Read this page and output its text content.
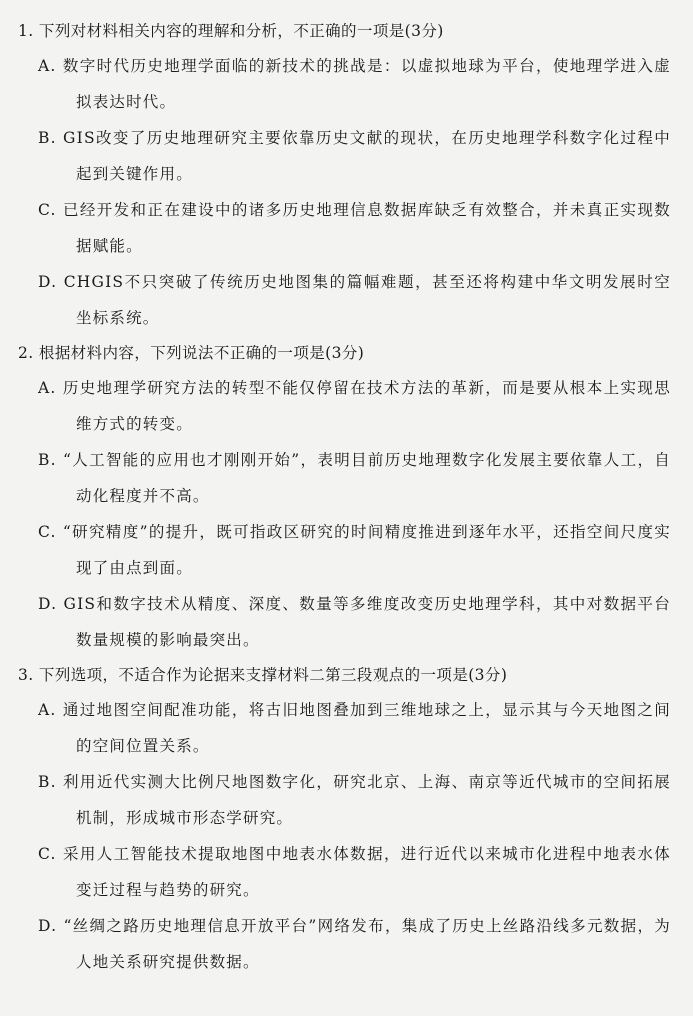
1. 下列对材料相关内容的理解和分析，不正确的一项是(3分)
A. 数字时代历史地理学面临的新技术的挑战是：以虚拟地球为平台，使地理学进入虚拟表达时代。
B. GIS改变了历史地理研究主要依靠历史文献的现状，在历史地理学科数字化过程中起到关键作用。
C. 已经开发和正在建设中的诸多历史地理信息数据库缺乏有效整合，并未真正实现数据赋能。
D. CHGIS不只突破了传统历史地图集的篇幅难题，甚至还将构建中华文明发展时空坐标系统。
2. 根据材料内容，下列说法不正确的一项是(3分)
A. 历史地理学研究方法的转型不能仅停留在技术方法的革新，而是要从根本上实现思维方式的转变。
B. “人工智能的应用也才刚刚开始”，表明目前历史地理数字化发展主要依靠人工，自动化程度并不高。
C. “研究精度”的提升，既可指政区研究的时间精度推进到逐年水平，还指空间尺度实现了由点到面。
D. GIS和数字技术从精度、深度、数量等多维度改变历史地理学科，其中对数据平台数量规模的影响最突出。
3. 下列选项，不适合作为论据来支撑材料二第三段观点的一项是(3分)
A. 通过地图空间配准功能，将古旧地图叠加到三维地球之上，显示其与今天地图之间的空间位置关系。
B. 利用近代实测大比例尺地图数字化，研究北京、上海、南京等近代城市的空间拓展机制，形成城市形态学研究。
C. 采用人工智能技术提取地图中地表水体数据，进行近代以来城市化进程中地表水体变迁过程与趋势的研究。
D. “丝绸之路历史地理信息开放平台”网络发布，集成了历史上丝路沿线多元数据，为人地关系研究提供数据。
